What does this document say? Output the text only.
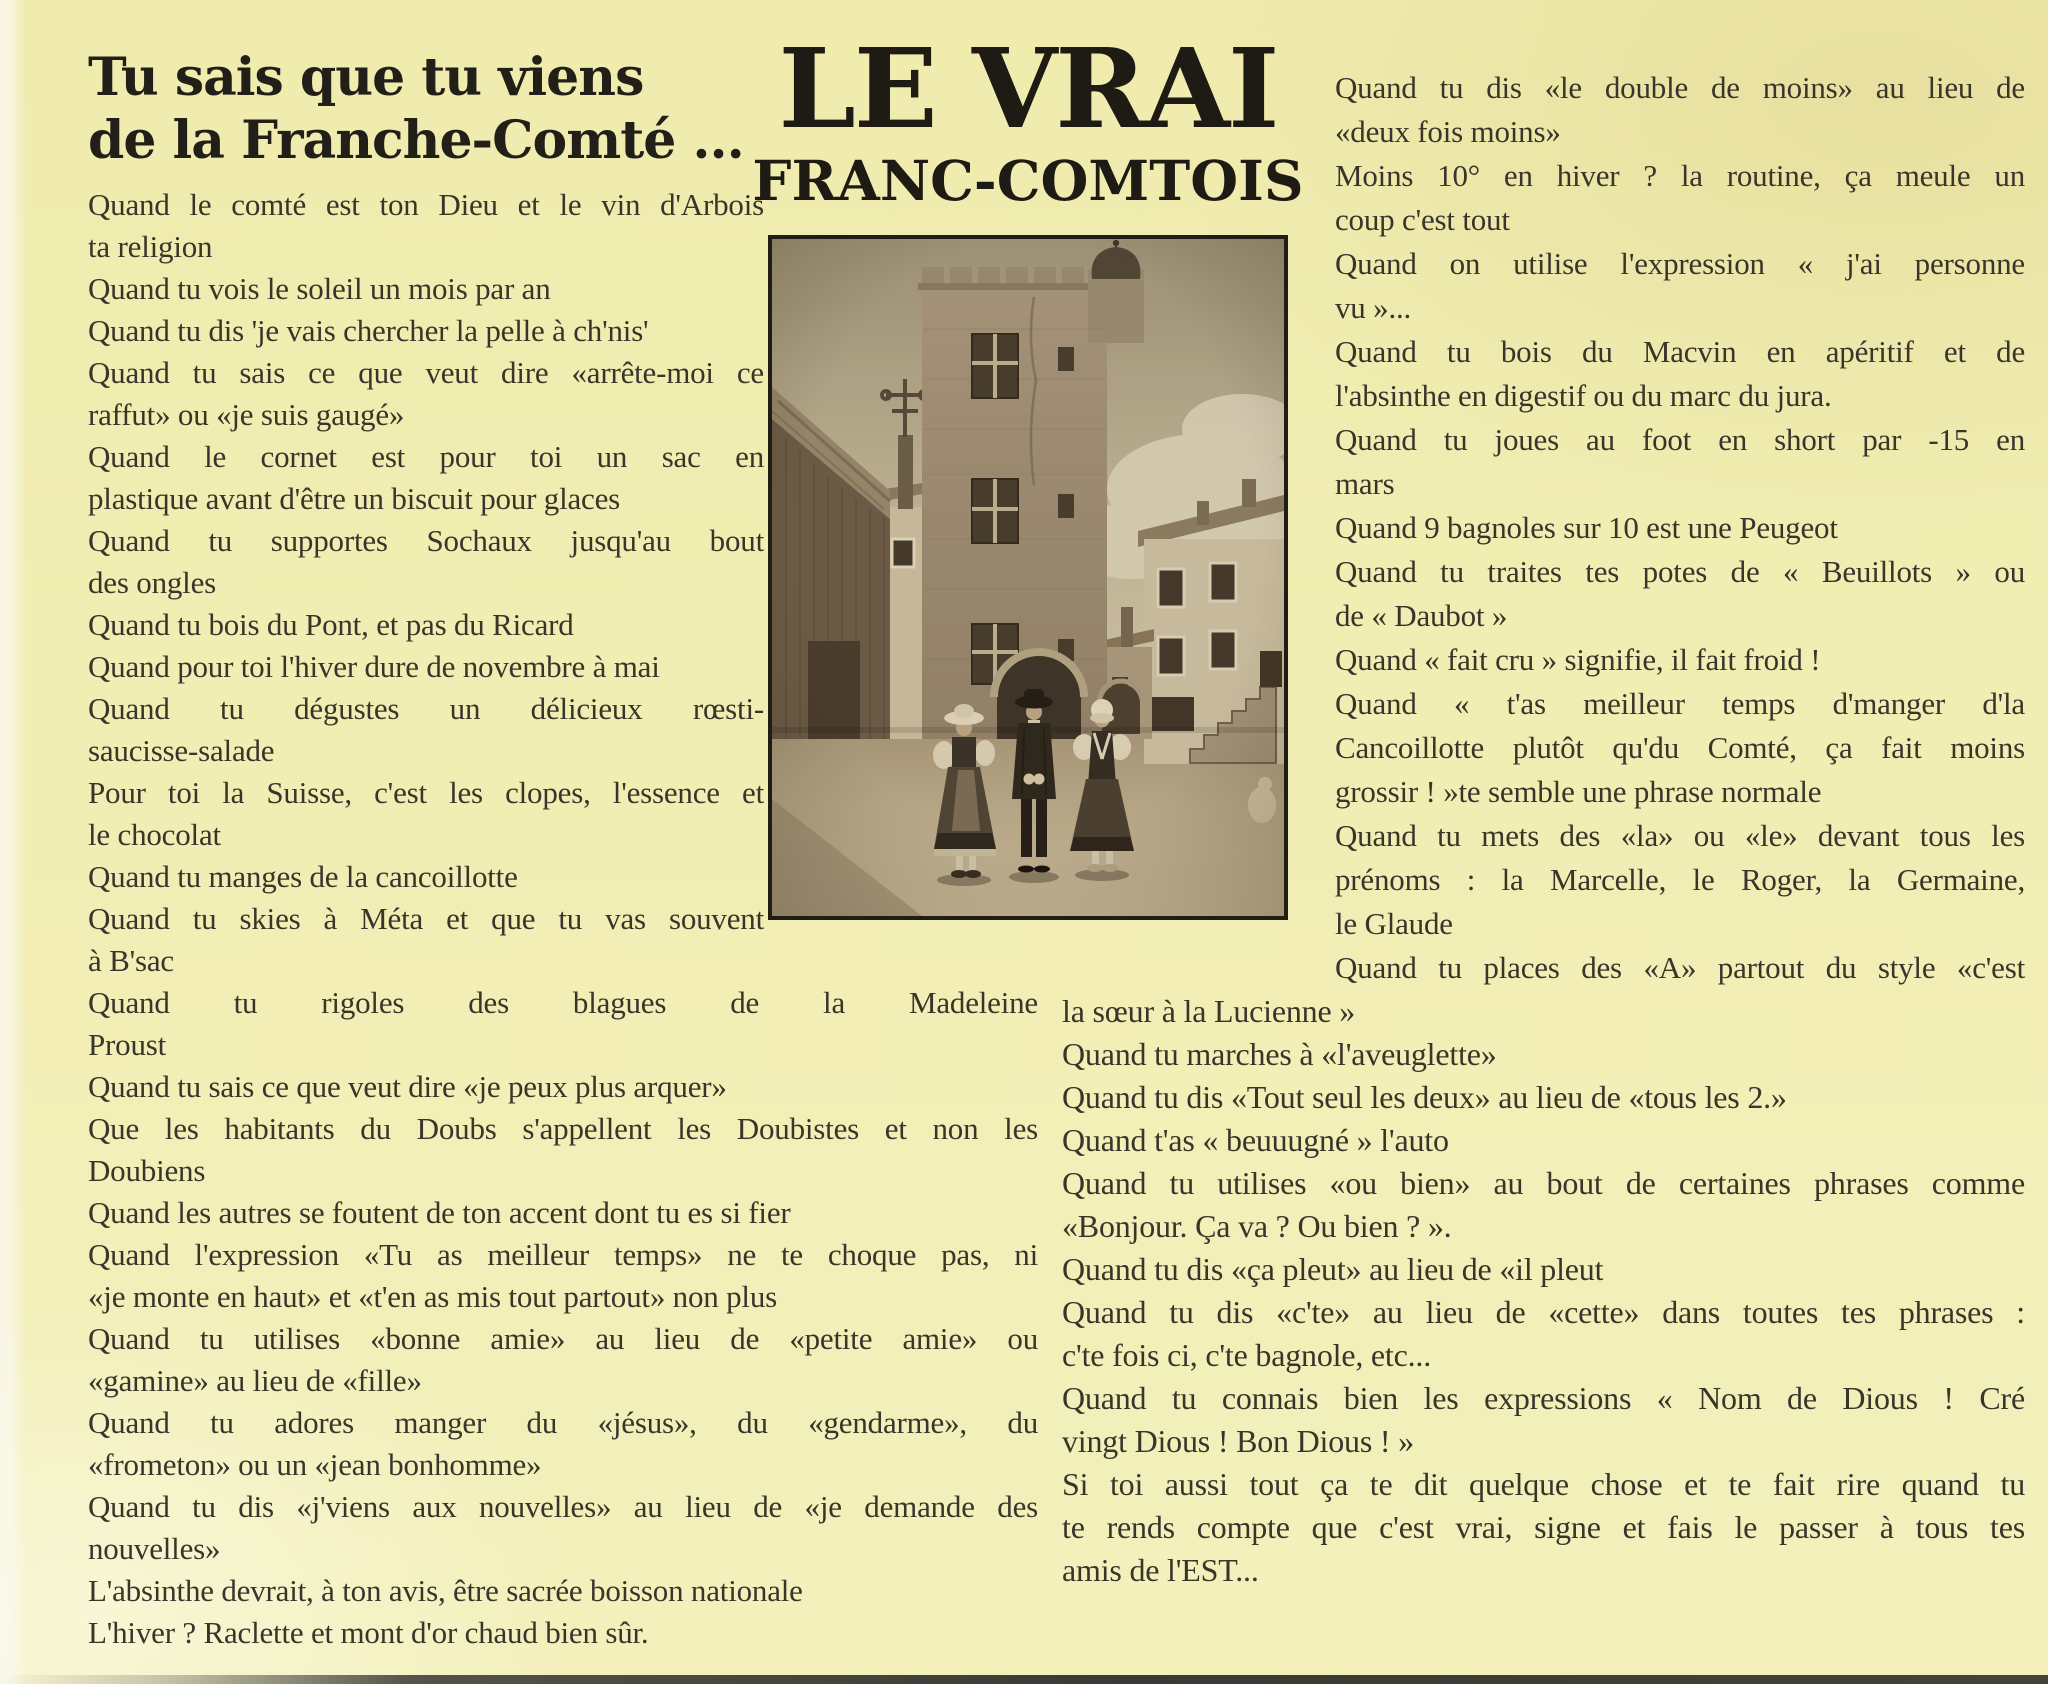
Tu sais que tu viens
de la Franche-Comté ...
Quand le comté est ton Dieu et le vin d'Arbois
ta religion
Quand tu vois le soleil un mois par an
Quand tu dis 'je vais chercher la pelle à ch'nis'
Quand tu sais ce que veut dire «arrête-moi ce
raffut» ou «je suis gaugé»
Quand le cornet est pour toi un sac en
plastique avant d'être un biscuit pour glaces
Quand tu supportes Sochaux jusqu'au bout
des ongles
Quand tu bois du Pont, et pas du Ricard
Quand pour toi l'hiver dure de novembre à mai
Quand tu dégustes un délicieux rœsti-
saucisse-salade
Pour toi la Suisse, c'est les clopes, l'essence et
le chocolat
Quand tu manges de la cancoillotte
Quand tu skies à Méta et que tu vas souvent
à B'sac
Quand tu rigoles des blagues de la Madeleine
Proust
Quand tu sais ce que veut dire «je peux plus arquer»
Que les habitants du Doubs s'appellent les Doubistes et non les
Doubiens
Quand les autres se foutent de ton accent dont tu es si fier
Quand l'expression «Tu as meilleur temps» ne te choque pas, ni
«je monte en haut» et «t'en as mis tout partout» non plus
Quand tu utilises «bonne amie» au lieu de «petite amie» ou
«gamine» au lieu de «fille»
Quand tu adores manger du «jésus», du «gendarme», du
«frometon» ou un «jean bonhomme»
Quand tu dis «j'viens aux nouvelles» au lieu de «je demande des
nouvelles»
L'absinthe devrait, à ton avis, être sacrée boisson nationale
L'hiver ? Raclette et mont d'or chaud bien sûr.
LE VRAI
FRANC-COMTOIS
Quand tu dis «le double de moins» au lieu de
«deux fois moins»
Moins 10° en hiver ? la routine, ça meule un
coup c'est tout
Quand on utilise l'expression « j'ai personne
vu »...
Quand tu bois du Macvin en apéritif et de
l'absinthe en digestif ou du marc du jura.
Quand tu joues au foot en short par -15 en
mars
Quand 9 bagnoles sur 10 est une Peugeot
Quand tu traites tes potes de « Beuillots » ou
de « Daubot »
Quand « fait cru » signifie, il fait froid !
Quand « t'as meilleur temps d'manger d'la
Cancoillotte plutôt qu'du Comté, ça fait moins
grossir ! »te semble une phrase normale
Quand tu mets des «la» ou «le» devant tous les
prénoms : la Marcelle, le Roger, la Germaine,
le Glaude
Quand tu places des «A» partout du style «c'est
la sœur à la Lucienne »
Quand tu marches à «l'aveuglette»
Quand tu dis «Tout seul les deux» au lieu de «tous les 2.»
Quand t'as « beuuugné » l'auto
Quand tu utilises «ou bien» au bout de certaines phrases comme
«Bonjour. Ça va ? Ou bien ? ».
Quand tu dis «ça pleut» au lieu de «il pleut
Quand tu dis «c'te» au lieu de «cette» dans toutes tes phrases :
c'te fois ci, c'te bagnole, etc...
Quand tu connais bien les expressions « Nom de Dious ! Cré
vingt Dious ! Bon Dious ! »
Si toi aussi tout ça te dit quelque chose et te fait rire quand tu
te rends compte que c'est vrai, signe et fais le passer à tous tes
amis de l'EST...
